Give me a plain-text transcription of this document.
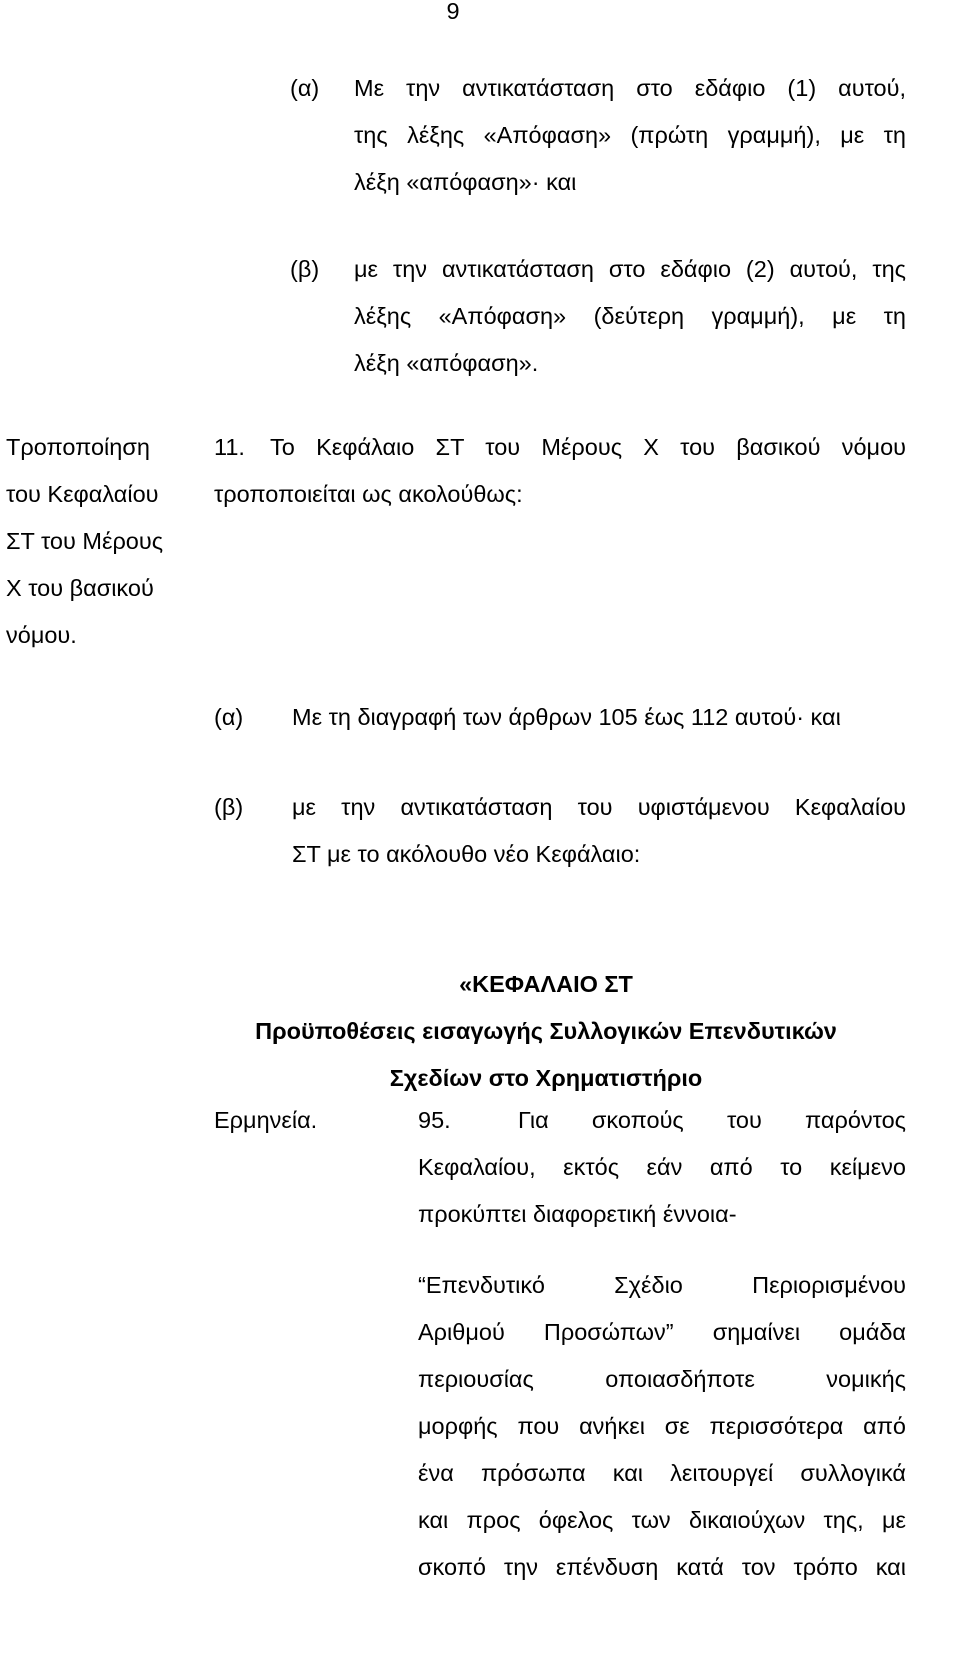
9
(α) Με την αντικατάσταση στο εδάφιο (1) αυτού,
της λέξης «Απόφαση» (πρώτη γραμμή), με τη
λέξη «απόφαση»· και
(β) με την αντικατάσταση στο εδάφιο (2) αυτού, της
λέξης «Απόφαση» (δεύτερη γραμμή), με τη
λέξη «απόφαση».
Τροποποίηση
του Κεφαλαίου
ΣΤ του Μέρους
Χ του βασικού
νόμου.
11. Το Κεφάλαιο ΣΤ του Μέρους Χ του βασικού νόμου
τροποποιείται ως ακολούθως:
(α) Με τη διαγραφή των άρθρων 105 έως 112 αυτού· και
(β) με την αντικατάσταση του υφιστάμενου Κεφαλαίου
ΣΤ με το ακόλουθο νέο Κεφάλαιο:
«ΚΕΦΑΛΑΙΟ ΣΤ
Προϋποθέσεις εισαγωγής Συλλογικών Επενδυτικών
Σχεδίων στο Χρηματιστήριο
Ερμηνεία.	95.	Για σκοπούς του παρόντος
Κεφαλαίου, εκτός εάν από το κείμενο
προκύπτει διαφορετική έννοια-
“Επενδυτικό Σχέδιο Περιορισμένου
Αριθμού Προσώπων” σημαίνει ομάδα
περιουσίας οποιασδήποτε νομικής
μορφής που ανήκει σε περισσότερα από
ένα πρόσωπα και λειτουργεί συλλογικά
και προς όφελος των δικαιούχων της, με
σκοπό την επένδυση κατά τον τρόπο και
